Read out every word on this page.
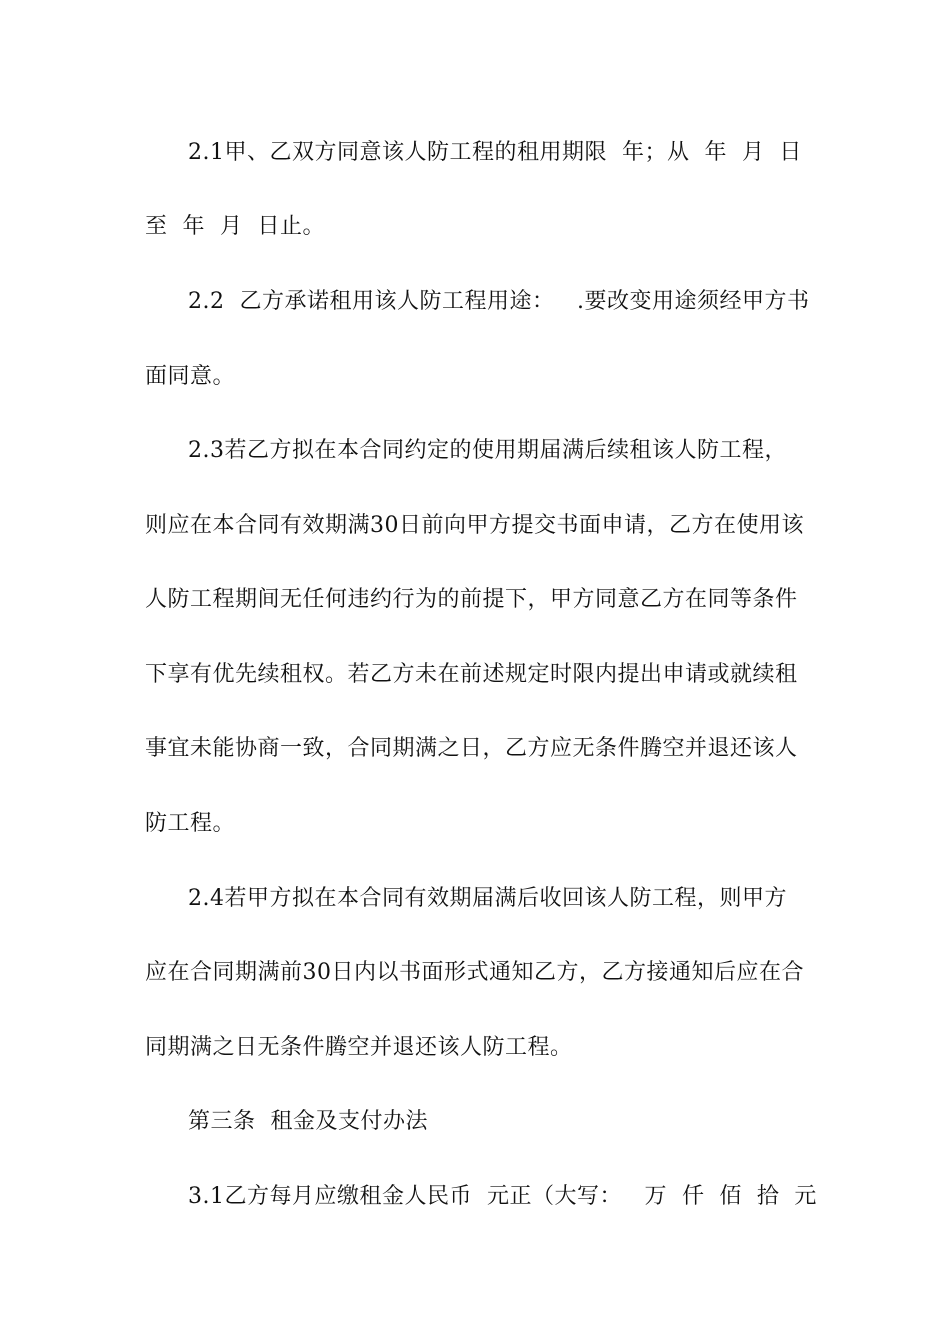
2.1甲、乙双方同意该人防工程的租用期限  年；从  年  月  日
至  年  月  日止。
2.2  乙方承诺租用该人防工程用途：   .要改变用途须经甲方书
面同意。
2.3若乙方拟在本合同约定的使用期届满后续租该人防工程，
则应在本合同有效期满30日前向甲方提交书面申请，乙方在使用该
人防工程期间无任何违约行为的前提下，甲方同意乙方在同等条件
下享有优先续租权。若乙方未在前述规定时限内提出申请或就续租
事宜未能协商一致，合同期满之日，乙方应无条件腾空并退还该人
防工程。
2.4若甲方拟在本合同有效期届满后收回该人防工程，则甲方
应在合同期满前30日内以书面形式通知乙方，乙方接通知后应在合
同期满之日无条件腾空并退还该人防工程。
第三条  租金及支付办法
3.1乙方每月应缴租金人民币  元正（大写：   万  仟  佰  拾  元
